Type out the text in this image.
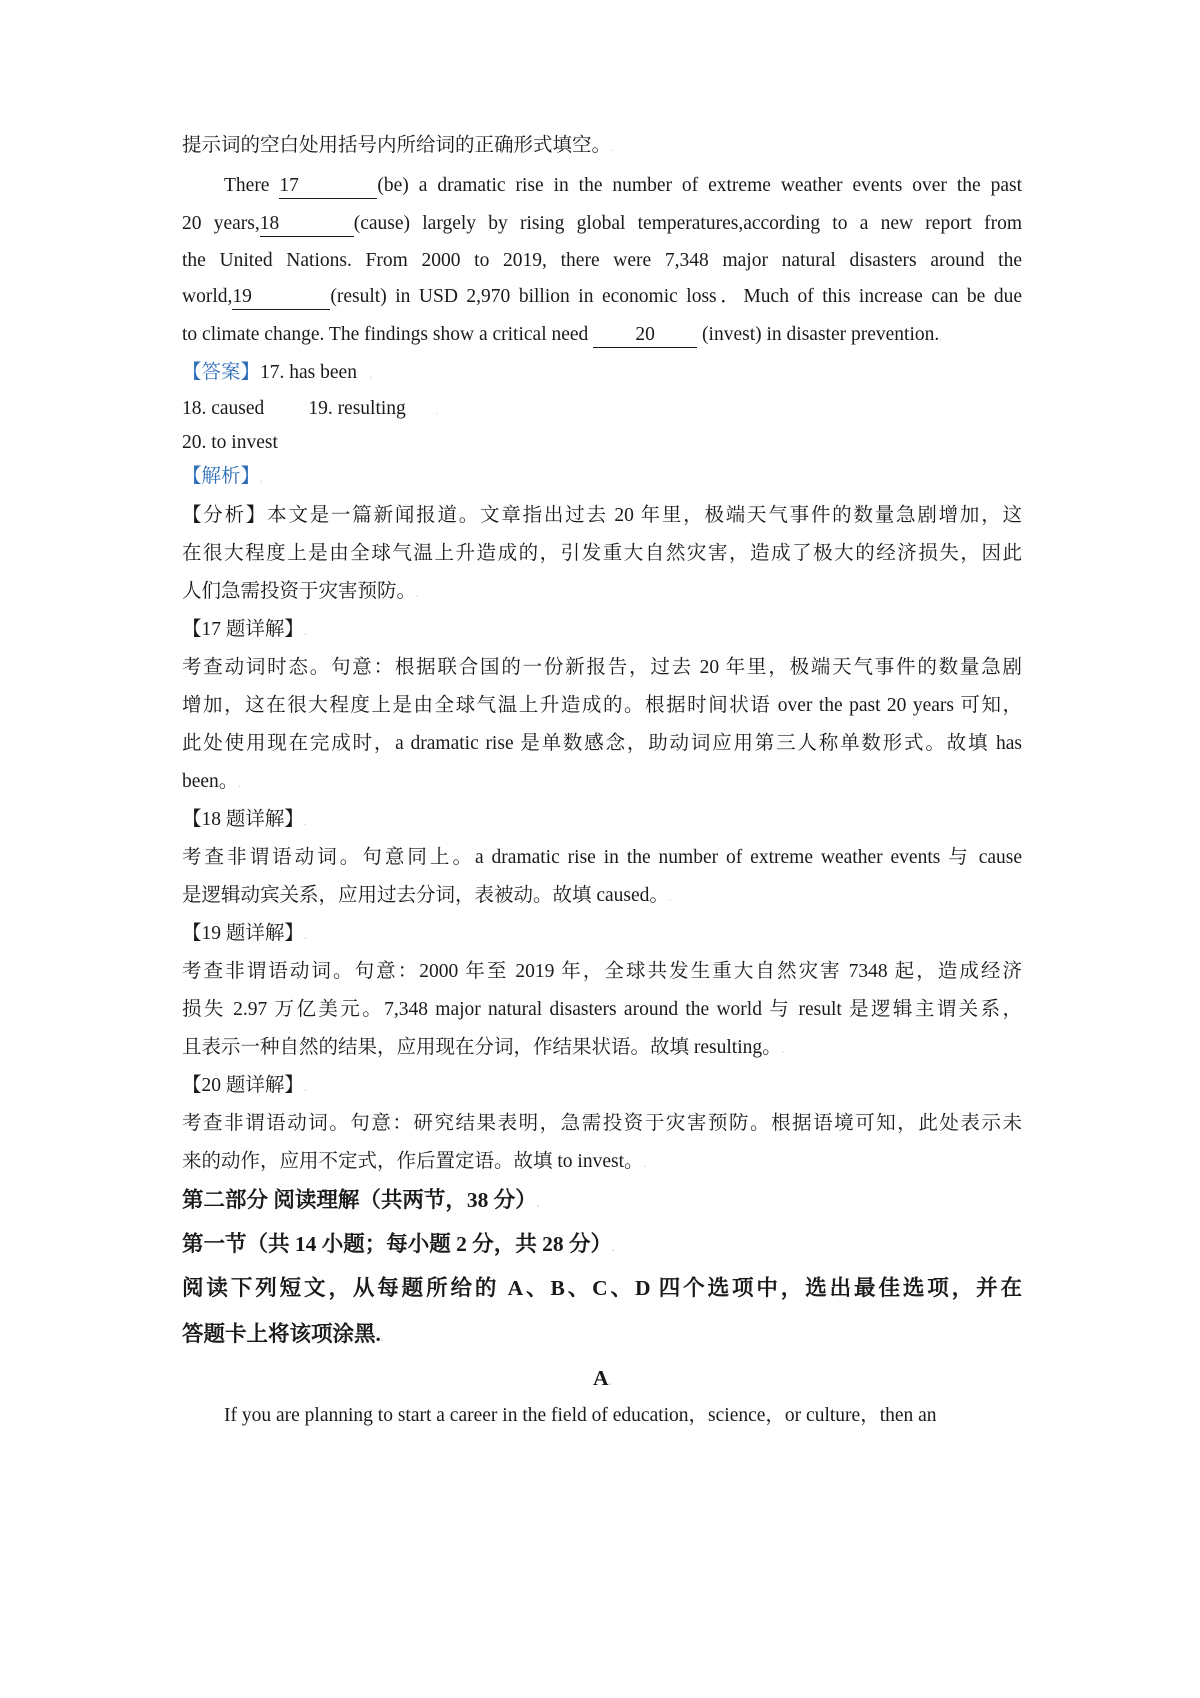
提示词的空白处用括号内所给词的正确形式填空。.
There 17	(be) a dramatic rise in the number of extreme weather events over the past
20 years,18	(cause) largely by rising global temperatures,according to a new report from
the United Nations. From 2000 to 2019, there were 7,348 major natural disasters around the
world,19	(result) in USD 2,970 billion in economic loss．Much of this increase can be due
to climate change. The findings show a critical need 20 (invest) in disaster prevention..
【答案】17. has been     .
18. caused 19. resulting            .
20. to invest
【解析】.
【分析】本文是一篇新闻报道。文章指出过去 20 年里，极端天气事件的数量急剧增加，这
在很大程度上是由全球气温上升造成的，引发重大自然灾害，造成了极大的经济损失，因此
人们急需投资于灾害预防。.
【17 题详解】.
考查动词时态。句意：根据联合国的一份新报告，过去 20 年里，极端天气事件的数量急剧
增加，这在很大程度上是由全球气温上升造成的。根据时间状语 over the past 20 years 可知，
此处使用现在完成时，a dramatic rise 是单数感念，助动词应用第三人称单数形式。故填 has
been。.
【18 题详解】.
考查非谓语动词。句意同上。a dramatic rise in the number of extreme weather events 与 cause
是逻辑动宾关系，应用过去分词，表被动。故填 caused。.
【19 题详解】.
考查非谓语动词。句意：2000 年至 2019 年，全球共发生重大自然灾害 7348 起，造成经济
损失 2.97 万亿美元。7,348 major natural disasters around the world 与 result 是逻辑主谓关系，
且表示一种自然的结果，应用现在分词，作结果状语。故填 resulting。.
【20 题详解】.
考查非谓语动词。句意：研究结果表明，急需投资于灾害预防。根据语境可知，此处表示未
来的动作，应用不定式，作后置定语。故填 to invest。.
第二部分 阅读理解（共两节，38 分）.
第一节（共 14 小题；每小题 2 分，共 28 分）.
阅读下列短文，从每题所给的 A、B、C、D 四个选项中，选出最佳选项，并在
答题卡上将该项涂黑..
A.
If you are planning to start a career in the field of education，science，or culture，then an
